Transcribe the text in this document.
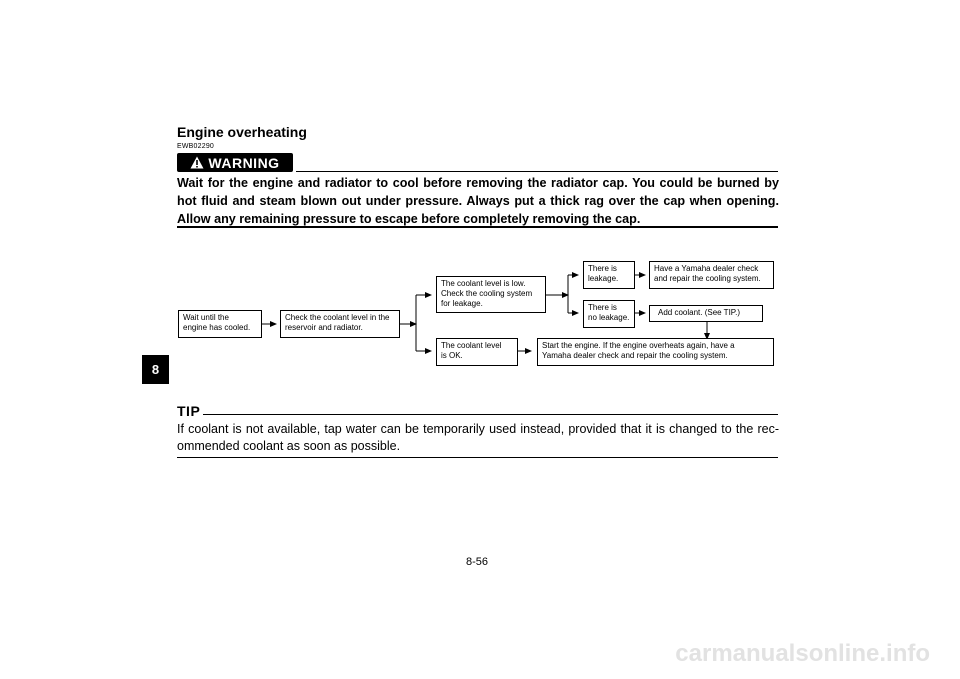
8
Engine overheating
EWB02290
WARNING
Wait for the engine and radiator to cool before removing the radiator cap. You could be burned by hot fluid and steam blown out under pressure. Always put a thick rag over the cap when opening. Allow any remaining pressure to escape before completely removing the cap.
Wait until the
engine has cooled.
Check the coolant level in the
reservoir and radiator.
The coolant level is low.
Check the cooling system
for leakage.
The coolant level
is OK.
There is
leakage.
There is
no leakage.
Have a Yamaha dealer check
and repair the cooling system.
Add coolant. (See TIP.)
Start the engine. If the engine overheats again, have a
Yamaha dealer check and repair the cooling system.
TIP
If coolant is not available, tap water can be temporarily used instead, provided that it is changed to the rec-ommended coolant as soon as possible.
8-56
carmanualsonline.info
